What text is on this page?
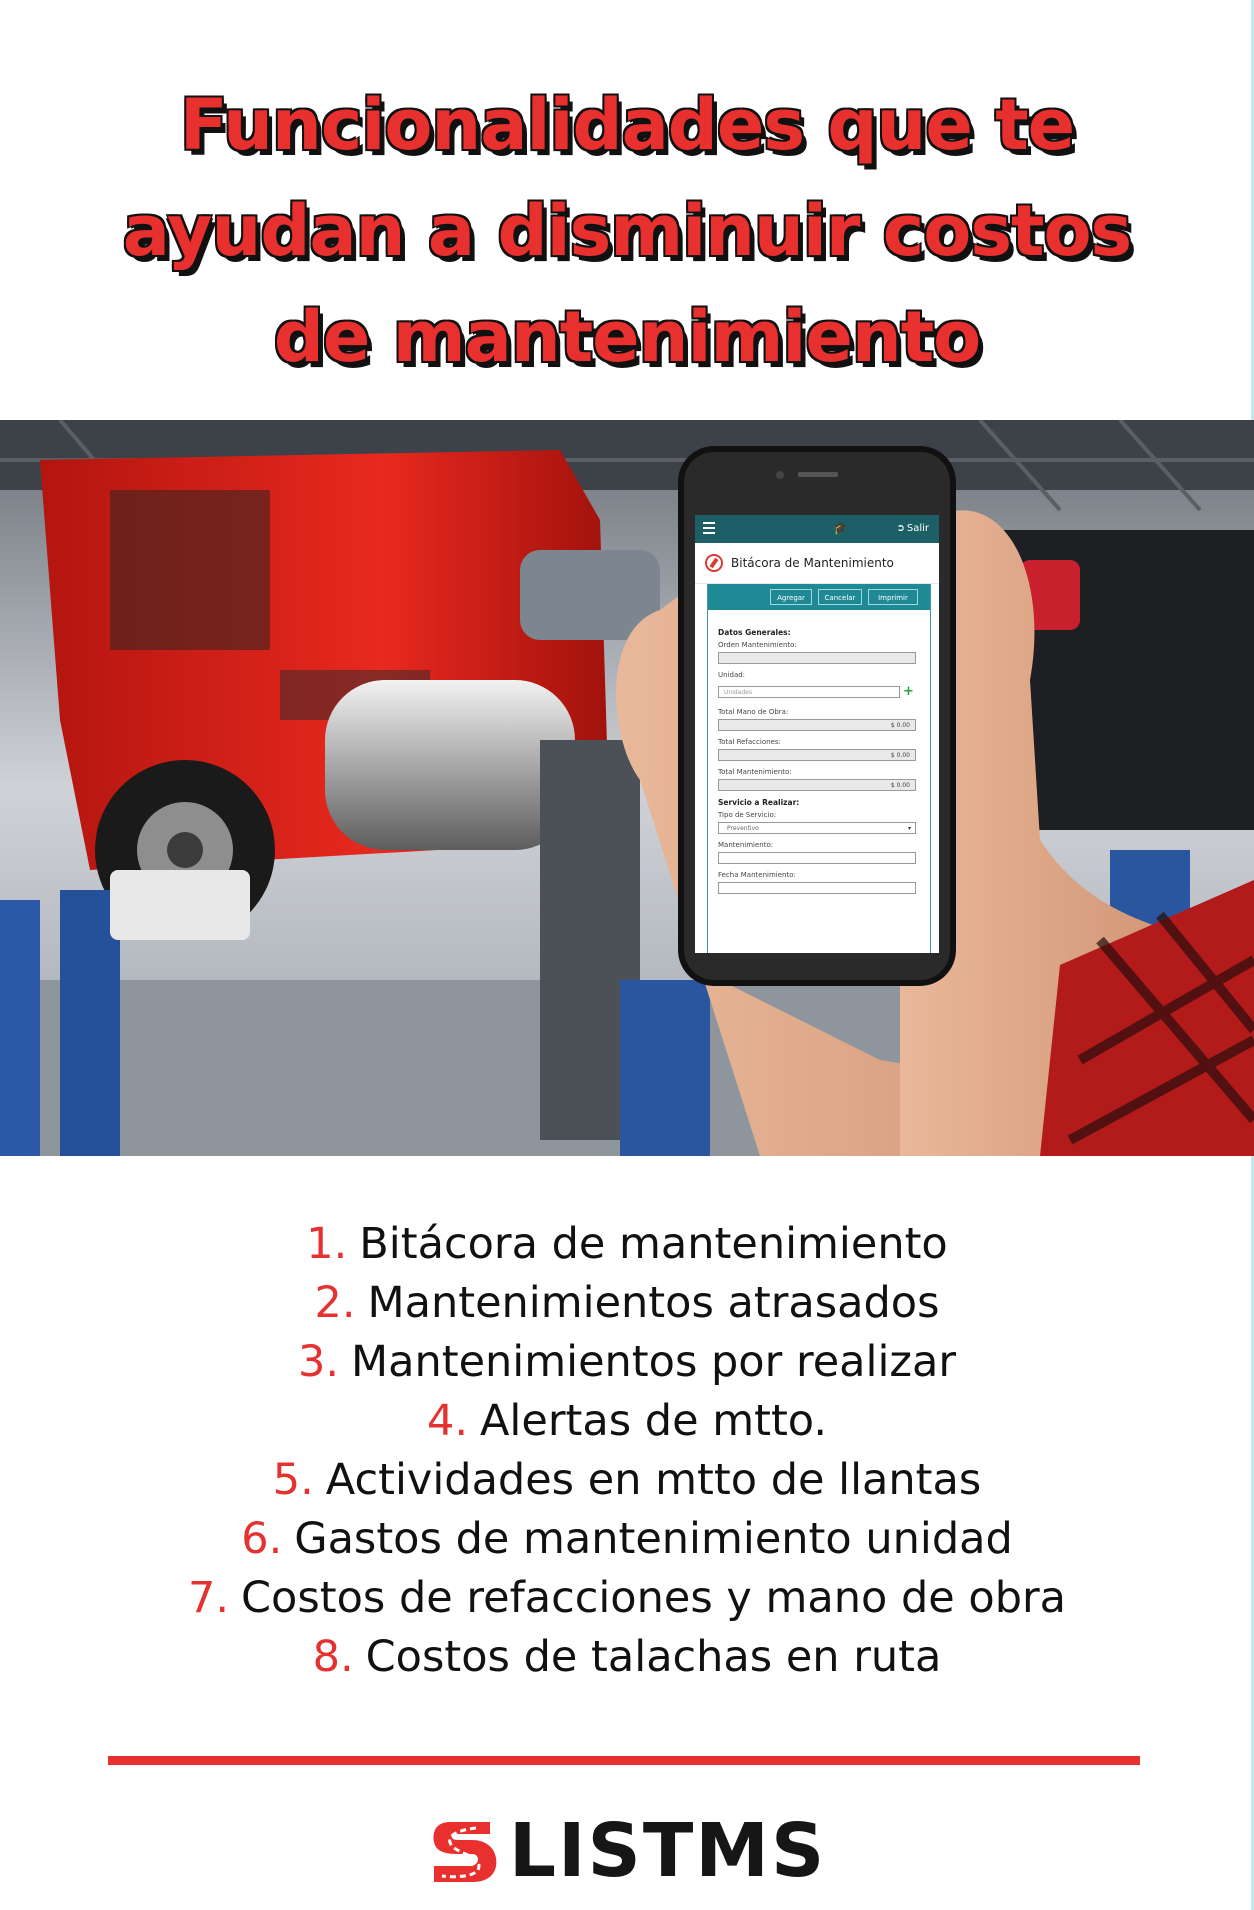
Funcionalidades que te
ayudan a disminuir costos
de mantenimiento
🎓	➲ Salir
Bitácora de Mantenimiento
Agregar	Cancelar	Imprimir
Datos Generales:
Orden Mantenimiento:
Unidad:
Unidades	+
Total Mano de Obra:
$ 0.00
Total Refacciones:
$ 0.00
Total Mantenimiento:
$ 0.00
Servicio a Realizar:
Tipo de Servicio:
Preventivo ▾
Mantenimiento:
Fecha Mantenimiento:
1. Bitácora de mantenimiento
2. Mantenimientos atrasados
3. Mantenimientos por realizar
4. Alertas de mtto.
5. Actividades en mtto de llantas
6. Gastos de mantenimiento unidad
7. Costos de refacciones y mano de obra
8. Costos de talachas en ruta
LISTMS
